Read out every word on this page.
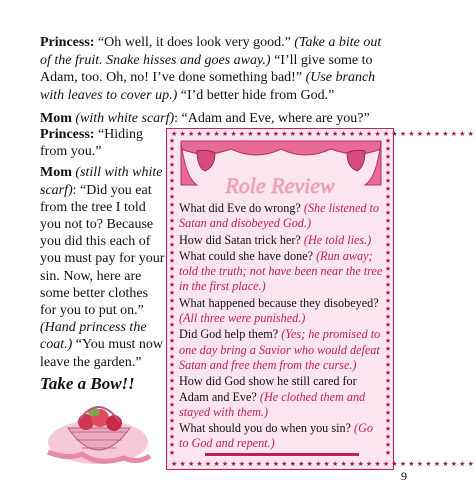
Princess: “Oh well, it does look very good.” (Take a bite out of the fruit. Snake hisses and goes away.) “I’ll give some to Adam, too. Oh, no! I’ve done something bad!” (Use branch with leaves to cover up.) “I’d better hide from God.”

Mom (with white scarf): “Adam and Eve, where are you?”

Princess: “Hiding from you.”

Mom (still with white scarf): “Did you eat from the tree I told you not to? Because you did this each of you must pay for your sin. Now, here are some better clothes for you to put on.” (Hand princess the coat.) “You must now leave the garden.”

Take a Bow!!
★★★★★★★★★★★★★★★★★★★★★★★★★★★★★★★★★★★★
★★★★★★★★★★★★★★★★★★★★★★★★★★★★★★★★★★★★
★
★
★
★
★
★
★
★
★
★
★
★
★
★
★
★
★
★
★
★
★
★
★
★
★
★
★
★
★
★
★
★
★
★
★
★
★
★
★
★
★
★
★
★
★
★
★
★
★
★
★
★
★
★
★
★
★
★
★
★
★
★
★
★
★
★
★
★
★
★
★
★
★
★
★
★
★
★
★
★
Role Review
What did Eve do wrong? (She listened to Satan and disobeyed God.)
How did Satan trick her? (He told lies.)
What could she have done? (Run away; told the truth; not have been near the tree in the first place.)
What happened because they disobeyed? (All three were punished.)
Did God help them? (Yes; he promised to one day bring a Savior who would defeat Satan and free them from the curse.)
How did God show he still cared for Adam and Eve? (He clothed them and stayed with them.)
What should you do when you sin? (Go to God and repent.)
9
